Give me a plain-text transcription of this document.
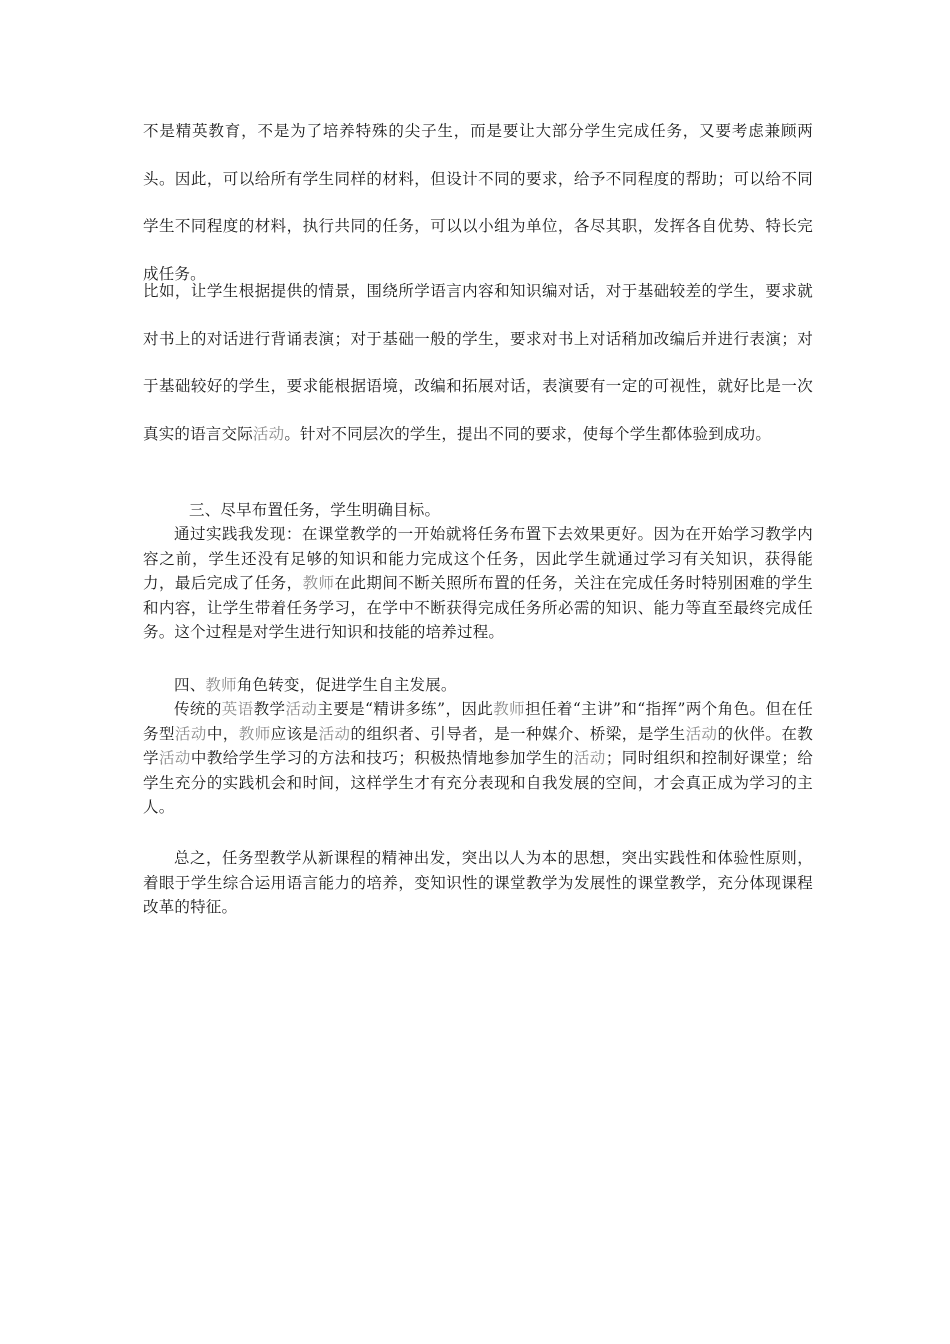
不是精英教育，不是为了培养特殊的尖子生，而是要让大部分学生完成任务，又要考虑兼顾两头。因此，可以给所有学生同样的材料，但设计不同的要求，给予不同程度的帮助；可以给不同学生不同程度的材料，执行共同的任务，可以以小组为单位，各尽其职，发挥各自优势、特长完成任务。

比如，让学生根据提供的情景，围绕所学语言内容和知识编对话，对于基础较差的学生，要求就对书上的对话进行背诵表演；对于基础一般的学生，要求对书上对话稍加改编后并进行表演；对于基础较好的学生，要求能根据语境，改编和拓展对话，表演要有一定的可视性，就好比是一次真实的语言交际活动。针对不同层次的学生，提出不同的要求，使每个学生都体验到成功。

三、尽早布置任务，学生明确目标。

通过实践我发现：在课堂教学的一开始就将任务布置下去效果更好。因为在开始学习教学内容之前，学生还没有足够的知识和能力完成这个任务，因此学生就通过学习有关知识，获得能力，最后完成了任务，教师在此期间不断关照所布置的任务，关注在完成任务时特别困难的学生和内容，让学生带着任务学习，在学中不断获得完成任务所必需的知识、能力等直至最终完成任务。这个过程是对学生进行知识和技能的培养过程。

四、教师角色转变，促进学生自主发展。

传统的英语教学活动主要是“精讲多练”，因此教师担任着“主讲”和“指挥”两个角色。但在任务型活动中，教师应该是活动的组织者、引导者，是一种媒介、桥梁，是学生活动的伙伴。在教学活动中教给学生学习的方法和技巧；积极热情地参加学生的活动；同时组织和控制好课堂；给学生充分的实践机会和时间，这样学生才有充分表现和自我发展的空间，才会真正成为学习的主人。

总之，任务型教学从新课程的精神出发，突出以人为本的思想，突出实践性和体验性原则，着眼于学生综合运用语言能力的培养，变知识性的课堂教学为发展性的课堂教学，充分体现课程改革的特征。
